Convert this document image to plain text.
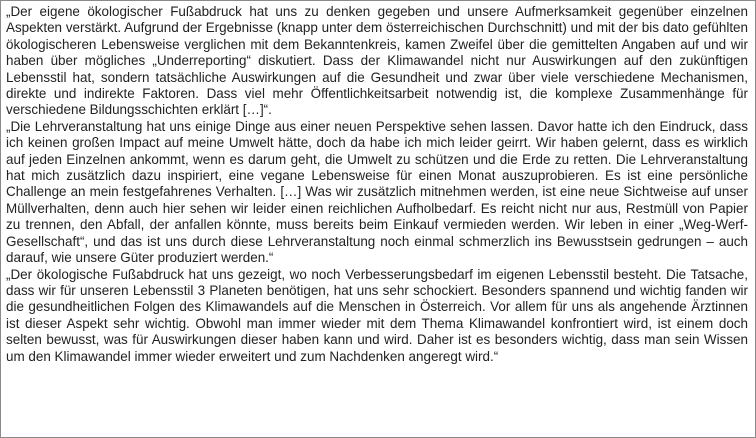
„Der eigene ökologischer Fußabdruck hat uns zu denken gegeben und unsere Aufmerksamkeit gegenüber einzelnen Aspekten verstärkt. Aufgrund der Ergebnisse (knapp unter dem österreichischen Durchschnitt) und mit der bis dato gefühlten ökologischeren Lebensweise verglichen mit dem Bekanntenkreis, kamen Zweifel über die gemittelten Angaben auf und wir haben über mögliches „Underreporting“ diskutiert. Dass der Klimawandel nicht nur Auswirkungen auf den zukünftigen Lebensstil hat, sondern tatsächliche Auswirkungen auf die Gesundheit und zwar über viele verschiedene Mechanismen, direkte und indirekte Faktoren. Dass viel mehr Öffentlichkeitsarbeit notwendig ist, die komplexe Zusammenhänge für verschiedene Bildungsschichten erklärt […]“.

„Die Lehrveranstaltung hat uns einige Dinge aus einer neuen Perspektive sehen lassen. Davor hatte ich den Eindruck, dass ich keinen großen Impact auf meine Umwelt hätte, doch da habe ich mich leider geirrt. Wir haben gelernt, dass es wirklich auf jeden Einzelnen ankommt, wenn es darum geht, die Umwelt zu schützen und die Erde zu retten. Die Lehrveranstaltung hat mich zusätzlich dazu inspiriert, eine vegane Lebensweise für einen Monat auszuprobieren. Es ist eine persönliche Challenge an mein festgefahrenes Verhalten. […] Was wir zusätzlich mitnehmen werden, ist eine neue Sichtweise auf unser Müllverhalten, denn auch hier sehen wir leider einen reichlichen Aufholbedarf. Es reicht nicht nur aus, Restmüll von Papier zu trennen, den Abfall, der anfallen könnte, muss bereits beim Einkauf vermieden werden. Wir leben in einer „Weg-Werf-Gesellschaft“, und das ist uns durch diese Lehrveranstaltung noch einmal schmerzlich ins Bewusstsein gedrungen – auch darauf, wie unsere Güter produziert werden.“

„Der ökologische Fußabdruck hat uns gezeigt, wo noch Verbesserungsbedarf im eigenen Lebensstil besteht. Die Tatsache, dass wir für unseren Lebensstil 3 Planeten benötigen, hat uns sehr schockiert. Besonders spannend und wichtig fanden wir die gesundheitlichen Folgen des Klimawandels auf die Menschen in Österreich. Vor allem für uns als angehende Ärztinnen ist dieser Aspekt sehr wichtig. Obwohl man immer wieder mit dem Thema Klimawandel konfrontiert wird, ist einem doch selten bewusst, was für Auswirkungen dieser haben kann und wird. Daher ist es besonders wichtig, dass man sein Wissen um den Klimawandel immer wieder erweitert und zum Nachdenken angeregt wird.“
